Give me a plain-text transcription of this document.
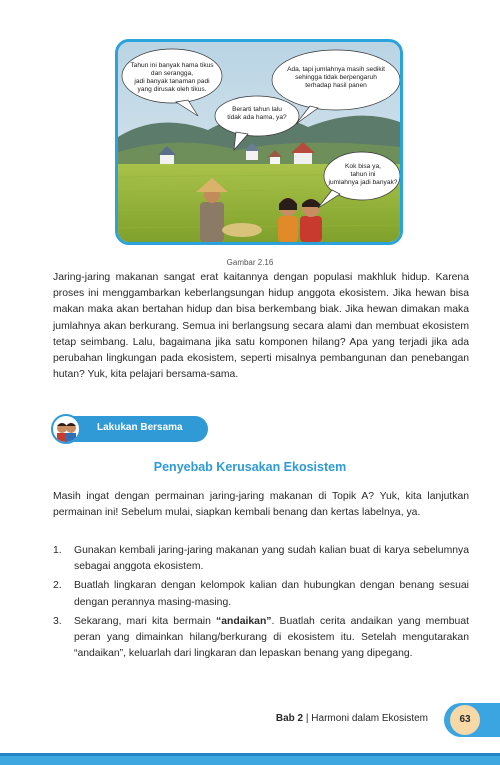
Tahun ini banyak hama tikus
dan serangga,
jadi banyak tanaman padi
yang dirusak oleh tikus.
Ada, tapi jumlahnya masih sedikit
sehingga tidak berpengaruh
terhadap hasil panen
Berarti tahun lalu
tidak ada hama, ya?
Kok bisa ya,
tahun ini
jumlahnya jadi banyak?
Gambar 2.16

Jaring-jaring makanan sangat erat kaitannya dengan populasi makhluk hidup. Karena proses ini menggambarkan keberlangsungan hidup anggota ekosistem. Jika hewan bisa makan maka akan bertahan hidup dan bisa berkembang biak. Jika hewan dimakan maka jumlahnya akan berkurang. Semua ini berlangsung secara alami dan membuat ekosistem tetap seimbang. Lalu, bagaimana jika satu komponen hilang? Apa yang terjadi jika ada perubahan lingkungan pada ekosistem, seperti misalnya pembangunan dan penebangan hutan? Yuk, kita pelajari bersama-sama.

Lakukan Bersama
Penyebab Kerusakan Ekosistem

Masih ingat dengan permainan jaring-jaring makanan di Topik A? Yuk, kita lanjutkan permainan ini! Sebelum mulai, siapkan kembali benang dan kertas labelnya, ya.

1. Gunakan kembali jaring-jaring makanan yang sudah kalian buat di karya sebelumnya sebagai anggota ekosistem.
2. Buatlah lingkaran dengan kelompok kalian dan hubungkan dengan benang sesuai dengan perannya masing-masing.
3. Sekarang, mari kita bermain “andaikan”. Buatlah cerita andaikan yang membuat peran yang dimainkan hilang/berkurang di ekosistem itu. Setelah mengutarakan “andaikan”, keluarlah dari lingkaran dan lepaskan benang yang dipegang.
Bab 2 | Harmoni dalam Ekosistem	63
